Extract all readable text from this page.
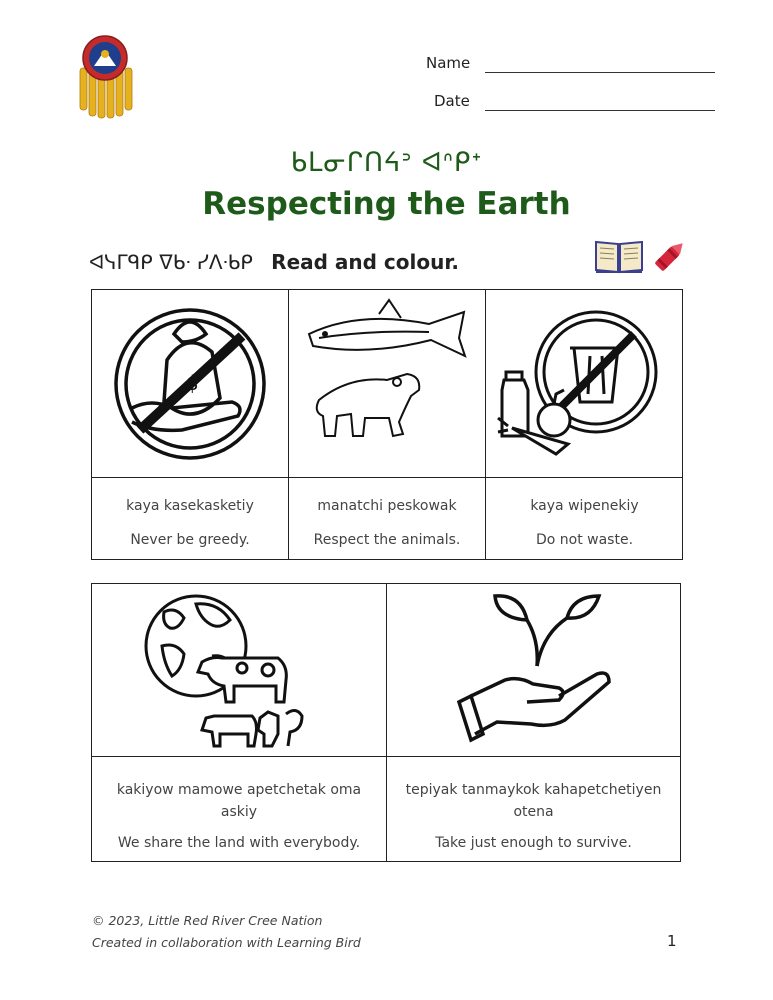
Name
Date
ᑲᒪᓂᒋᑎᔦᐣ ᐊᐢᑭᐩ
Respecting the Earth
ᐊᓭᒥᑫᑭ ᐁᑲᐧ ᓯᐱᐧᑲᑭ Read and colour.
$
kaya kasekasketiy
Never be greedy.
manatchi peskowak
Respect the animals.
kaya wipenekiy
Do not waste.
kakiyow mamowe apetchetak oma askiy
We share the land with everybody.
tepiyak tanmaykok kahapetchetiyen otena
Take just enough to survive.
© 2023, Little Red River Cree Nation
Created in collaboration with Learning Bird	1
